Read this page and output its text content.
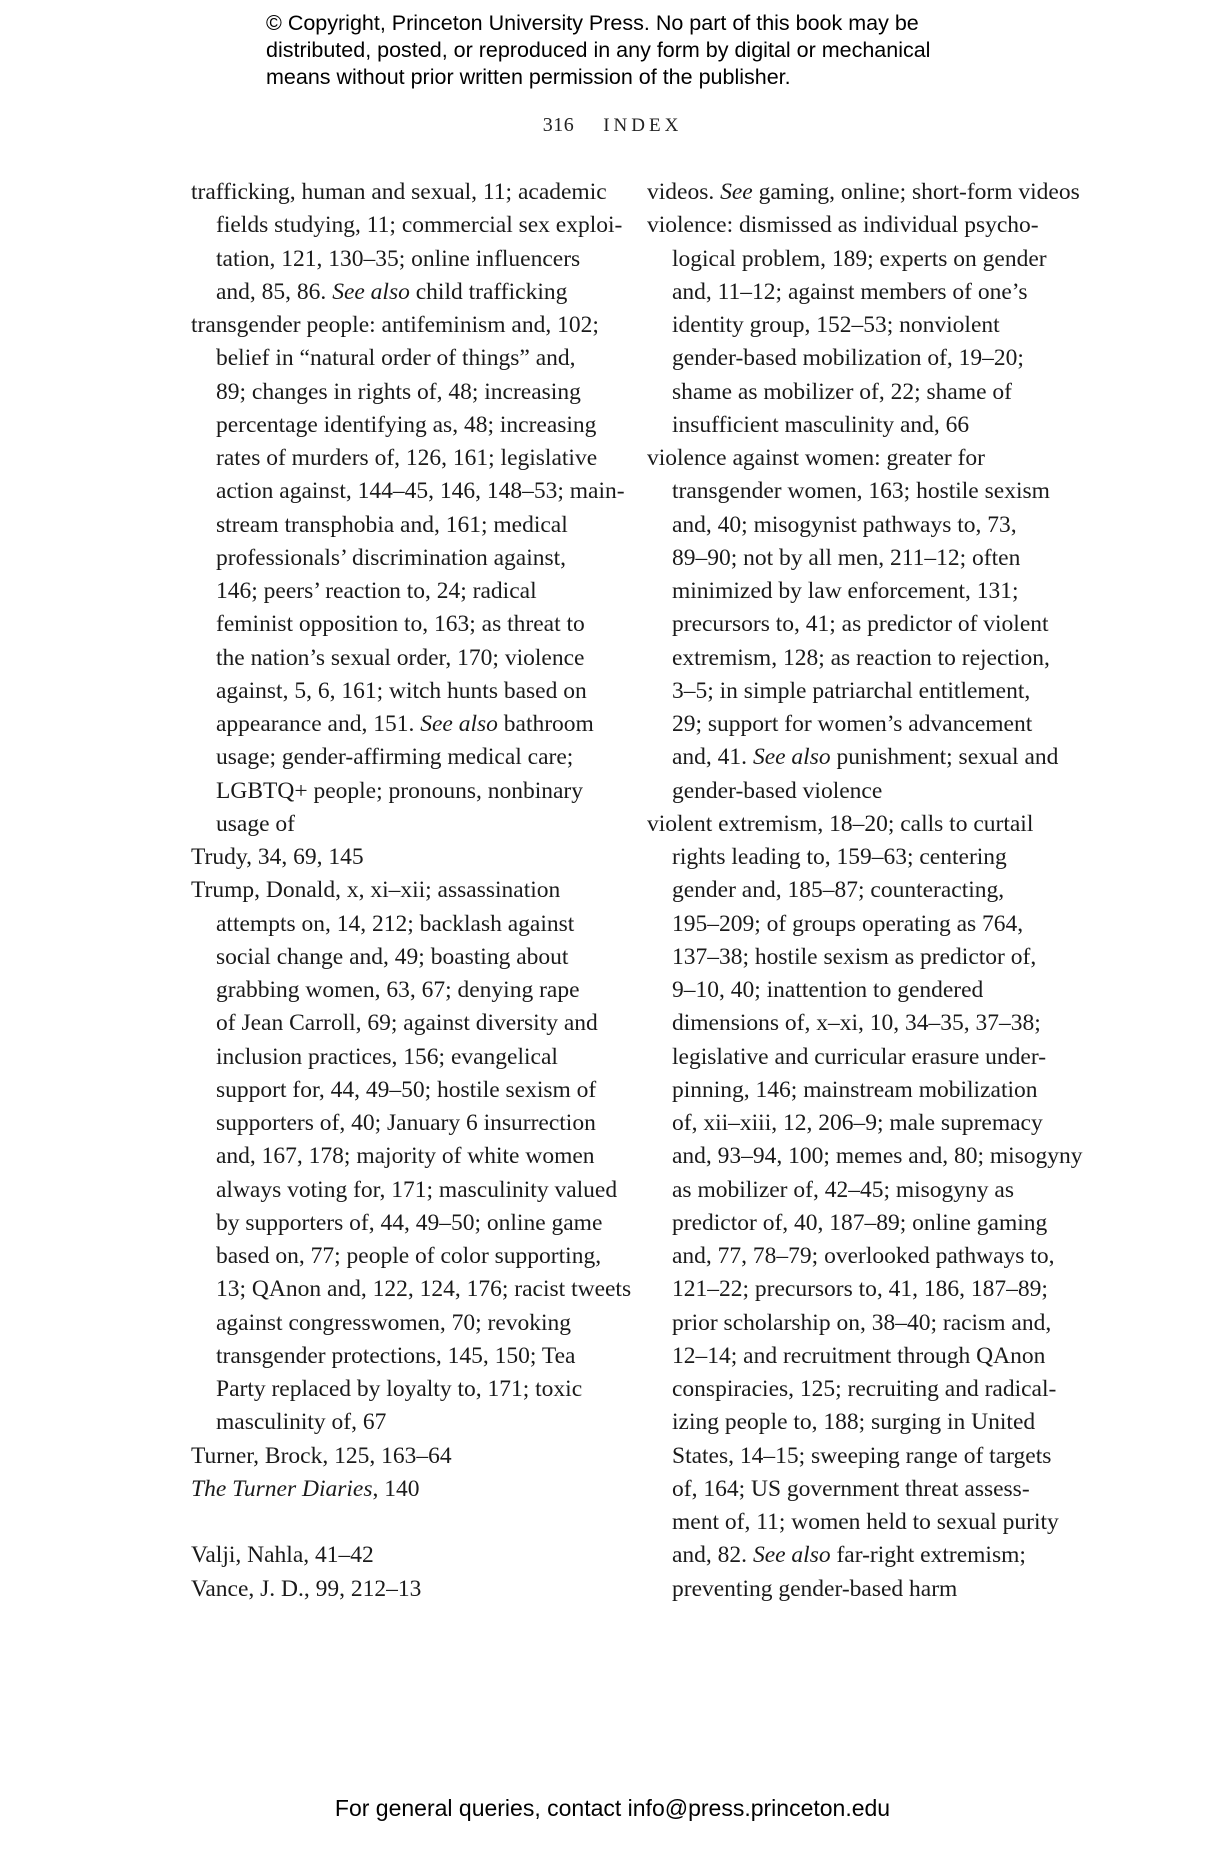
© Copyright, Princeton University Press. No part of this book may be
distributed, posted, or reproduced in any form by digital or mechanical
means without prior written permission of the publisher.
316 INDEX
trafficking, human and sexual, 11; academic
fields studying, 11; commercial sex exploi-
tation, 121, 130–35; online influencers
and, 85, 86. See also child trafficking
transgender people: antifeminism and, 102;
belief in “natural order of things” and,
89; changes in rights of, 48; increasing
percentage identifying as, 48; increasing
rates of murders of, 126, 161; legislative
action against, 144–45, 146, 148–53; main-
stream transphobia and, 161; medical
professionals’ discrimination against,
146; peers’ reaction to, 24; radical
feminist opposition to, 163; as threat to
the nation’s sexual order, 170; violence
against, 5, 6, 161; witch hunts based on
appearance and, 151. See also bathroom
usage; gender-affirming medical care;
LGBTQ+ people; pronouns, nonbinary
usage of
Trudy, 34, 69, 145
Trump, Donald, x, xi–xii; assassination
attempts on, 14, 212; backlash against
social change and, 49; boasting about
grabbing women, 63, 67; denying rape
of Jean Carroll, 69; against diversity and
inclusion practices, 156; evangelical
support for, 44, 49–50; hostile sexism of
supporters of, 40; January 6 insurrection
and, 167, 178; majority of white women
always voting for, 171; masculinity valued
by supporters of, 44, 49–50; online game
based on, 77; people of color supporting,
13; QAnon and, 122, 124, 176; racist tweets
against congresswomen, 70; revoking
transgender protections, 145, 150; Tea
Party replaced by loyalty to, 171; toxic
masculinity of, 67
Turner, Brock, 125, 163–64
The Turner Diaries, 140
Valji, Nahla, 41–42
Vance, J. D., 99, 212–13
videos. See gaming, online; short-form videos
violence: dismissed as individual psycho-
logical problem, 189; experts on gender
and, 11–12; against members of one’s
identity group, 152–53; nonviolent
gender-based mobilization of, 19–20;
shame as mobilizer of, 22; shame of
insufficient masculinity and, 66
violence against women: greater for
transgender women, 163; hostile sexism
and, 40; misogynist pathways to, 73,
89–90; not by all men, 211–12; often
minimized by law enforcement, 131;
precursors to, 41; as predictor of violent
extremism, 128; as reaction to rejection,
3–5; in simple patriarchal entitlement,
29; support for women’s advancement
and, 41. See also punishment; sexual and
gender-based violence
violent extremism, 18–20; calls to curtail
rights leading to, 159–63; centering
gender and, 185–87; counteracting,
195–209; of groups operating as 764,
137–38; hostile sexism as predictor of,
9–10, 40; inattention to gendered
dimensions of, x–xi, 10, 34–35, 37–38;
legislative and curricular erasure under-
pinning, 146; mainstream mobilization
of, xii–xiii, 12, 206–9; male supremacy
and, 93–94, 100; memes and, 80; misogyny
as mobilizer of, 42–45; misogyny as
predictor of, 40, 187–89; online gaming
and, 77, 78–79; overlooked pathways to,
121–22; precursors to, 41, 186, 187–89;
prior scholarship on, 38–40; racism and,
12–14; and recruitment through QAnon
conspiracies, 125; recruiting and radical-
izing people to, 188; surging in United
States, 14–15; sweeping range of targets
of, 164; US government threat assess-
ment of, 11; women held to sexual purity
and, 82. See also far-right extremism;
preventing gender-based harm
For general queries, contact info@press.princeton.edu
